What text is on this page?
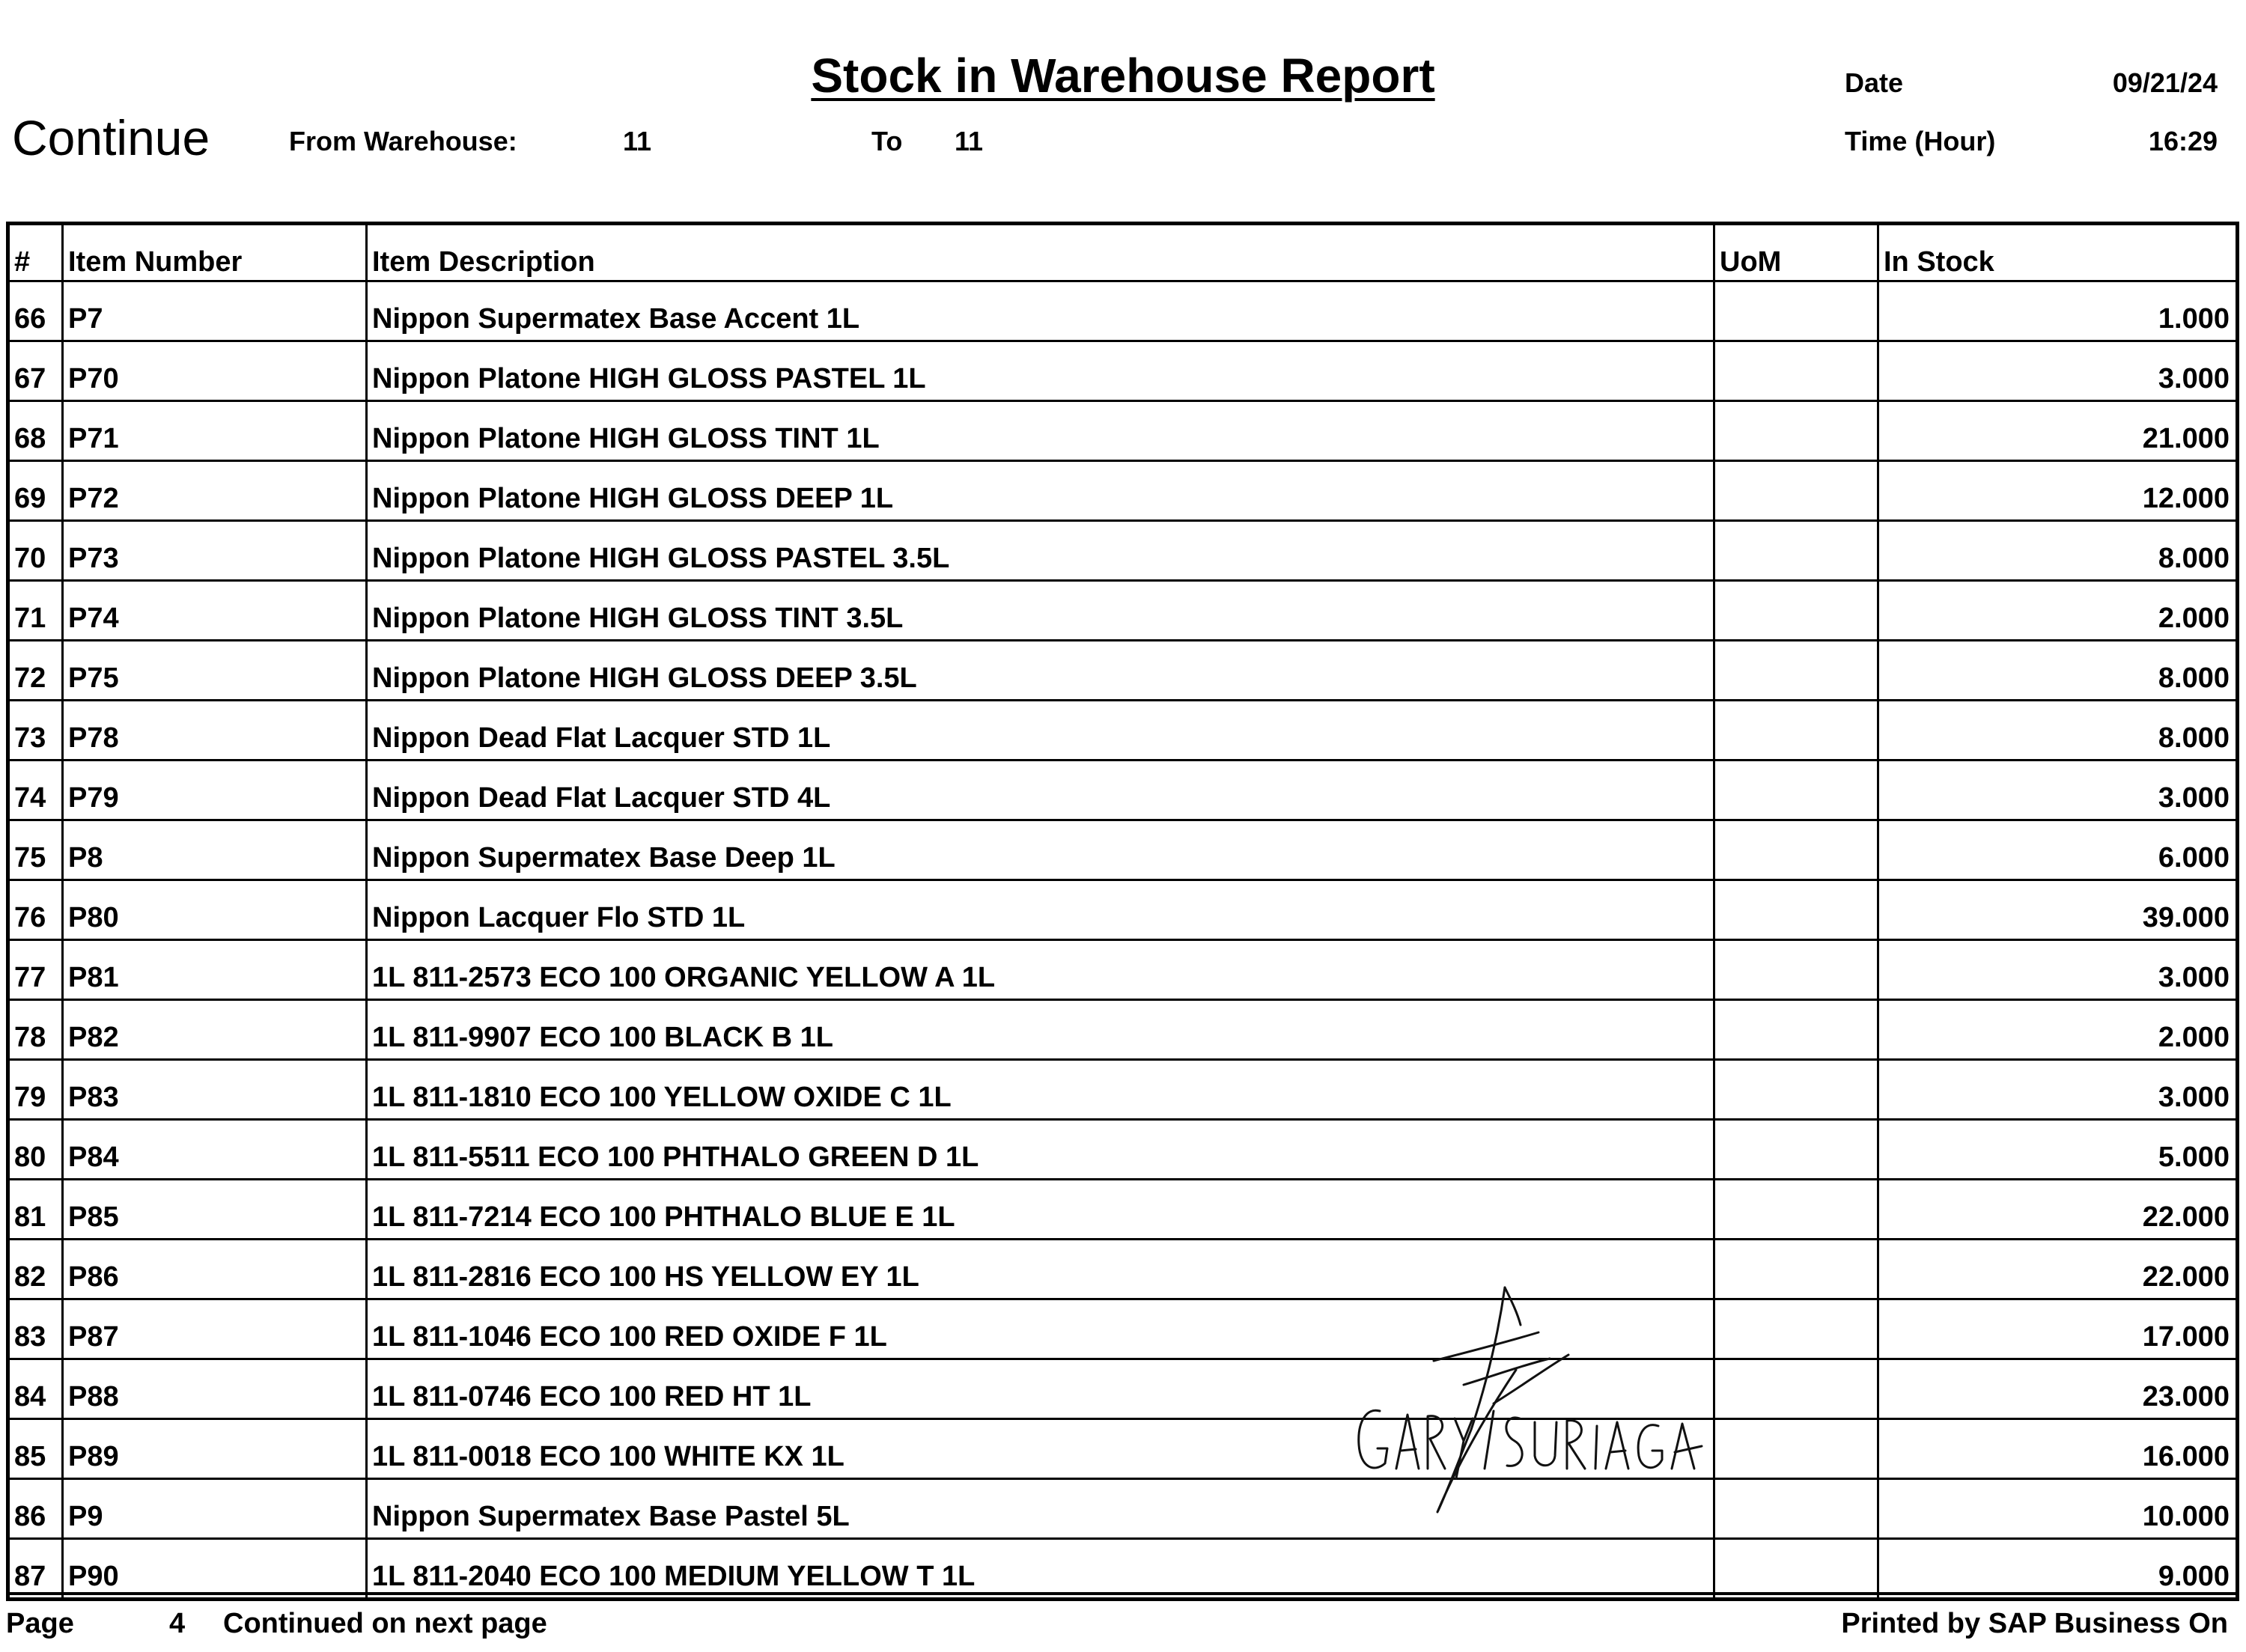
Stock in Warehouse Report
Continue	From Warehouse:	11	To 11
Date	09/21/24
Time (Hour)	16:29
#	Item Number	Item Description	UoM	In Stock
66	P7	Nippon Supermatex Base Accent 1L		1.000
67	P70	Nippon Platone HIGH GLOSS PASTEL 1L		3.000
68	P71	Nippon Platone HIGH GLOSS TINT 1L		21.000
69	P72	Nippon Platone HIGH GLOSS DEEP 1L		12.000
70	P73	Nippon Platone HIGH GLOSS PASTEL 3.5L		8.000
71	P74	Nippon Platone HIGH GLOSS TINT 3.5L		2.000
72	P75	Nippon Platone HIGH GLOSS DEEP 3.5L		8.000
73	P78	Nippon Dead Flat Lacquer STD 1L		8.000
74	P79	Nippon Dead Flat Lacquer STD 4L		3.000
75	P8	Nippon Supermatex Base Deep 1L		6.000
76	P80	Nippon Lacquer Flo STD 1L		39.000
77	P81	1L 811-2573 ECO 100 ORGANIC YELLOW A 1L		3.000
78	P82	1L 811-9907 ECO 100 BLACK B 1L		2.000
79	P83	1L 811-1810 ECO 100 YELLOW OXIDE C 1L		3.000
80	P84	1L 811-5511 ECO 100 PHTHALO GREEN D 1L		5.000
81	P85	1L 811-7214 ECO 100 PHTHALO BLUE E 1L		22.000
82	P86	1L 811-2816 ECO 100 HS YELLOW EY 1L		22.000
83	P87	1L 811-1046 ECO 100 RED OXIDE F 1L		17.000
84	P88	1L 811-0746 ECO 100 RED HT 1L		23.000
85	P89	1L 811-0018 ECO 100 WHITE KX 1L		16.000
86	P9	Nippon Supermatex Base Pastel 5L		10.000
87	P90	1L 811-2040 ECO 100 MEDIUM YELLOW T 1L		9.000
Page	4 Continued on next page	Printed by SAP Business On
